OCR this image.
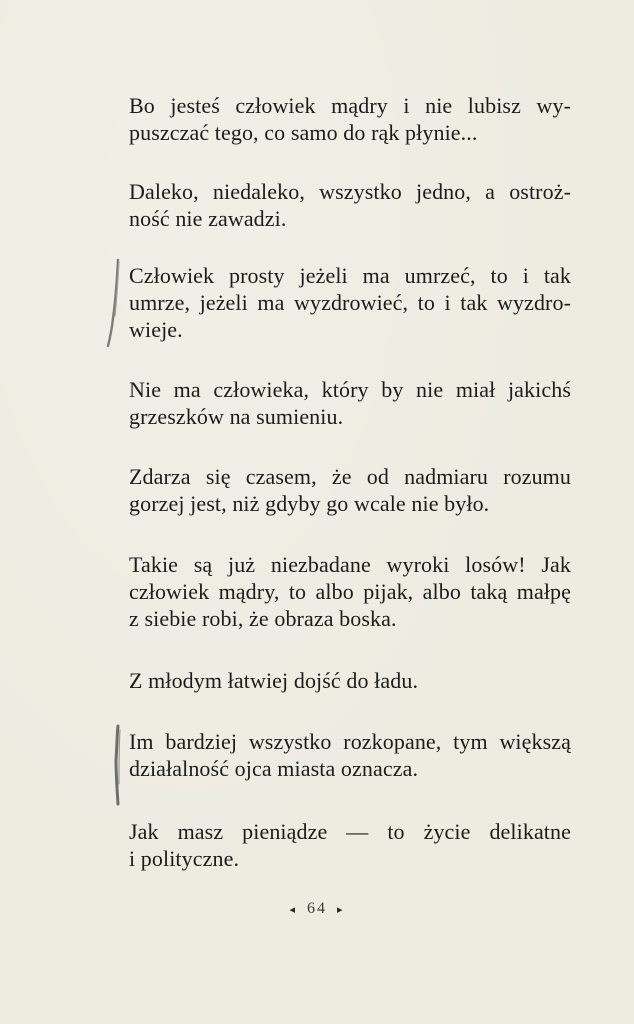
Bo jesteś człowiek mądry i nie lubisz wy-
puszczać tego, co samo do rąk płynie...
Daleko, niedaleko, wszystko jedno, a ostroż-
ność nie zawadzi.
Człowiek prosty jeżeli ma umrzeć, to i tak
umrze, jeżeli ma wyzdrowieć, to i tak wyzdro-
wieje.
Nie ma człowieka, który by nie miał jakichś
grzeszków na sumieniu.
Zdarza się czasem, że od nadmiaru rozumu
gorzej jest, niż gdyby go wcale nie było.
Takie są już niezbadane wyroki losów! Jak
człowiek mądry, to albo pijak, albo taką małpę
z siebie robi, że obraza boska.
Z młodym łatwiej dojść do ładu.
Im bardziej wszystko rozkopane, tym większą
działalność ojca miasta oznacza.
Jak masz pieniądze — to życie delikatne
i polityczne.
◂ 64 ▸
